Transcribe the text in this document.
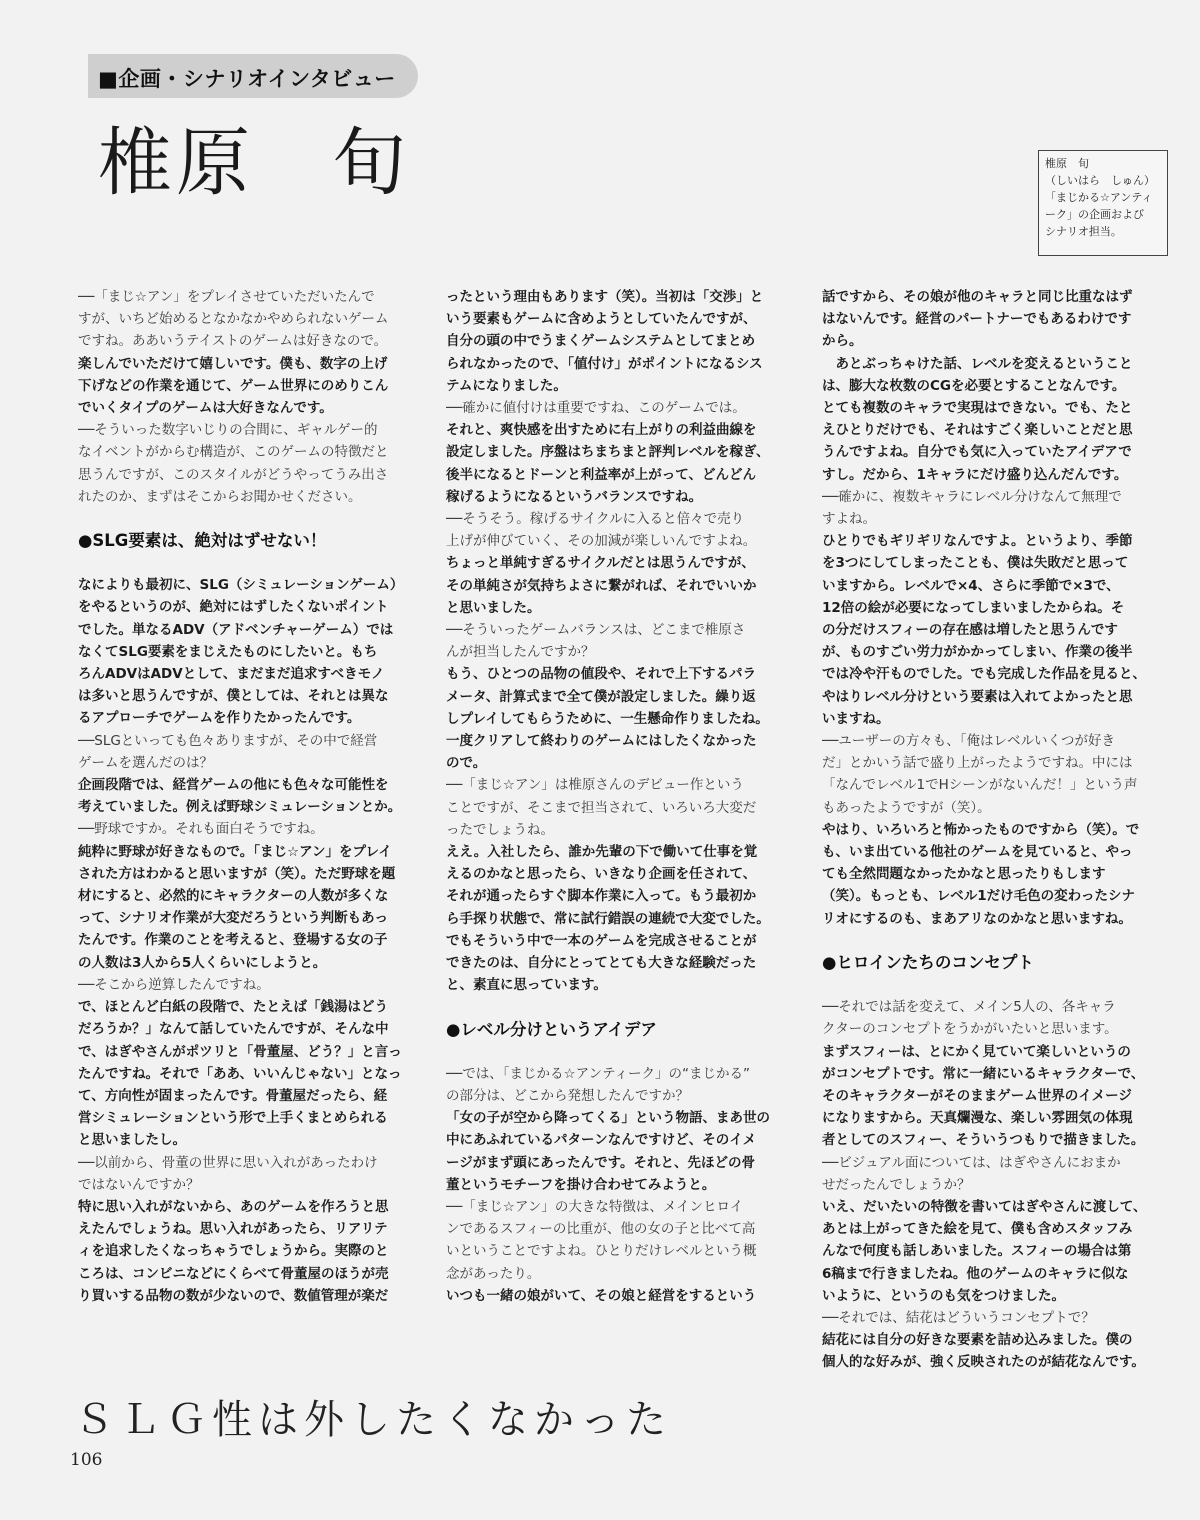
■企画・シナリオインタビュー
椎原　旬	椎原　旬
（しいはら　しゅん）
「まじかる☆アンティ
ーク」の企画および
シナリオ担当。

──「まじ☆アン」をプレイさせていただいたんで

すが、いちど始めるとなかなかやめられないゲーム

ですね。ああいうテイストのゲームは好きなので。

楽しんでいただけて嬉しいです。僕も、数字の上げ

下げなどの作業を通じて、ゲーム世界にのめりこん

でいくタイプのゲームは大好きなんです。

──そういった数字いじりの合間に、ギャルゲー的

なイベントがからむ構造が、このゲームの特徴だと

思うんですが、このスタイルがどうやってうみ出さ

れたのか、まずはそこからお聞かせください。

●SLG要素は、絶対はずせない！

なによりも最初に、SLG（シミュレーションゲーム）

をやるというのが、絶対にはずしたくないポイント

でした。単なるADV（アドベンチャーゲーム）では

なくてSLG要素をまじえたものにしたいと。もち

ろんADVはADVとして、まだまだ追求すべきモノ

は多いと思うんですが、僕としては、それとは異な

るアプローチでゲームを作りたかったんです。

──SLGといっても色々ありますが、その中で経営

ゲームを選んだのは？

企画段階では、経営ゲームの他にも色々な可能性を

考えていました。例えば野球シミュレーションとか。

──野球ですか。それも面白そうですね。

純粋に野球が好きなもので。「まじ☆アン」をプレイ

された方はわかると思いますが（笑）。ただ野球を題

材にすると、必然的にキャラクターの人数が多くな

って、シナリオ作業が大変だろうという判断もあっ

たんです。作業のことを考えると、登場する女の子

の人数は3人から5人くらいにしようと。

──そこから逆算したんですね。

で、ほとんど白紙の段階で、たとえば「銭湯はどう

だろうか？」なんて話していたんですが、そんな中

で、はぎやさんがポツリと「骨董屋、どう？」と言っ

たんですね。それで「ああ、いいんじゃない」となっ

て、方向性が固まったんです。骨董屋だったら、経

営シミュレーションという形で上手くまとめられる

と思いましたし。

──以前から、骨董の世界に思い入れがあったわけ

ではないんですか？

特に思い入れがないから、あのゲームを作ろうと思

えたんでしょうね。思い入れがあったら、リアリテ

ィを追求したくなっちゃうでしょうから。実際のと

ころは、コンビニなどにくらべて骨董屋のほうが売

り買いする品物の数が少ないので、数値管理が楽だ

ったという理由もあります（笑）。当初は「交渉」と

いう要素もゲームに含めようとしていたんですが、

自分の頭の中でうまくゲームシステムとしてまとめ

られなかったので、「値付け」がポイントになるシス

テムになりました。

──確かに値付けは重要ですね、このゲームでは。

それと、爽快感を出すために右上がりの利益曲線を

設定しました。序盤はちまちまと評判レベルを稼ぎ、

後半になるとドーンと利益率が上がって、どんどん

稼げるようになるというバランスですね。

──そうそう。稼げるサイクルに入ると倍々で売り

上げが伸びていく、その加減が楽しいんですよね。

ちょっと単純すぎるサイクルだとは思うんですが、

その単純さが気持ちよさに繋がれば、それでいいか

と思いました。

──そういったゲームバランスは、どこまで椎原さ

んが担当したんですか？

もう、ひとつの品物の値段や、それで上下するパラ

メータ、計算式まで全て僕が設定しました。繰り返

しプレイしてもらうために、一生懸命作りましたね。

一度クリアして終わりのゲームにはしたくなかった

ので。

──「まじ☆アン」は椎原さんのデビュー作という

ことですが、そこまで担当されて、いろいろ大変だ

ったでしょうね。

ええ。入社したら、誰か先輩の下で働いて仕事を覚

えるのかなと思ったら、いきなり企画を任されて、

それが通ったらすぐ脚本作業に入って。もう最初か

ら手探り状態で、常に試行錯誤の連続で大変でした。

でもそういう中で一本のゲームを完成させることが

できたのは、自分にとってとても大きな経験だった

と、素直に思っています。

●レベル分けというアイデア

──では、「まじかる☆アンティーク」の“まじかる”

の部分は、どこから発想したんですか？

「女の子が空から降ってくる」という物語、まあ世の

中にあふれているパターンなんですけど、そのイメ

ージがまず頭にあったんです。それと、先ほどの骨

董というモチーフを掛け合わせてみようと。

──「まじ☆アン」の大きな特徴は、メインヒロイ

ンであるスフィーの比重が、他の女の子と比べて高

いということですよね。ひとりだけレベルという概

念があったり。

いつも一緒の娘がいて、その娘と経営をするという

話ですから、その娘が他のキャラと同じ比重なはず

はないんです。経営のパートナーでもあるわけです

から。

　あとぶっちゃけた話、レベルを変えるということ

は、膨大な枚数のCGを必要とすることなんです。

とても複数のキャラで実現はできない。でも、たと

えひとりだけでも、それはすごく楽しいことだと思

うんですよね。自分でも気に入っていたアイデアで

すし。だから、1キャラにだけ盛り込んだんです。

──確かに、複数キャラにレベル分けなんて無理で

すよね。

ひとりでもギリギリなんですよ。というより、季節

を3つにしてしまったことも、僕は失敗だと思って

いますから。レベルで×4、さらに季節で×3で、

12倍の絵が必要になってしまいましたからね。そ

の分だけスフィーの存在感は増したと思うんです

が、ものすごい労力がかかってしまい、作業の後半

では冷や汗ものでした。でも完成した作品を見ると、

やはりレベル分けという要素は入れてよかったと思

いますね。

──ユーザーの方々も、「俺はレベルいくつが好き

だ」とかいう話で盛り上がったようですね。中には

「なんでレベル1でHシーンがないんだ！」という声

もあったようですが（笑）。

やはり、いろいろと怖かったものですから（笑）。で

も、いま出ている他社のゲームを見ていると、やっ

ても全然問題なかったかなと思ったりもします

（笑）。もっとも、レベル1だけ毛色の変わったシナ

リオにするのも、まあアリなのかなと思いますね。

●ヒロインたちのコンセプト

──それでは話を変えて、メイン5人の、各キャラ

クターのコンセプトをうかがいたいと思います。

まずスフィーは、とにかく見ていて楽しいというの

がコンセプトです。常に一緒にいるキャラクターで、

そのキャラクターがそのままゲーム世界のイメージ

になりますから。天真爛漫な、楽しい雰囲気の体現

者としてのスフィー、そういうつもりで描きました。

──ビジュアル面については、はぎやさんにおまか

せだったんでしょうか？

いえ、だいたいの特徴を書いてはぎやさんに渡して、

あとは上がってきた絵を見て、僕も含めスタッフみ

んなで何度も話しあいました。スフィーの場合は第

6稿まで行きましたね。他のゲームのキャラに似な

いように、というのも気をつけました。

──それでは、結花はどういうコンセプトで？

結花には自分の好きな要素を詰め込みました。僕の

個人的な好みが、強く反映されたのが結花なんです。

ＳＬＧ性は外したくなかった
106
